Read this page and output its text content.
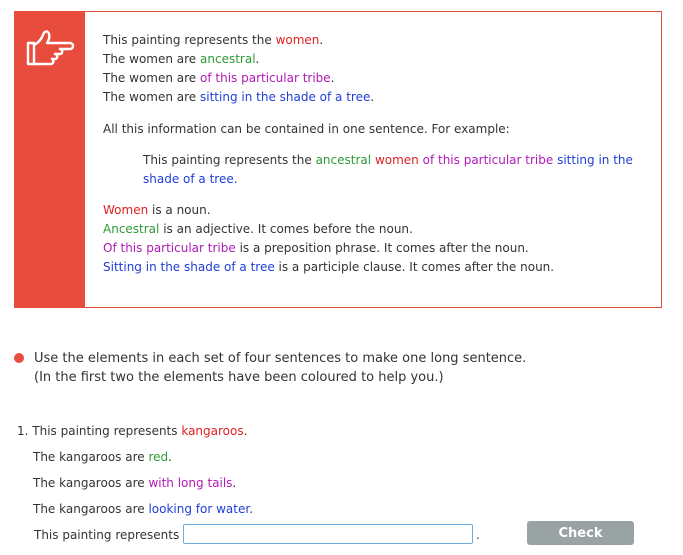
This painting represents the women.

The women are ancestral.

The women are of this particular tribe.

The women are sitting in the shade of a tree.

All this information can be contained in one sentence. For example:

This painting represents the ancestral women of this particular tribe sitting in the shade of a tree.

Women is a noun.

Ancestral is an adjective. It comes before the noun.

Of this particular tribe is a preposition phrase. It comes after the noun.

Sitting in the shade of a tree is a participle clause. It comes after the noun.

Use the elements in each set of four sentences to make one long sentence.
(In the first two the elements have been coloured to help you.)
1. This painting represents kangaroos.
The kangaroos are red.
The kangaroos are with long tails.
The kangaroos are looking for water.
This painting represents	.	Check
